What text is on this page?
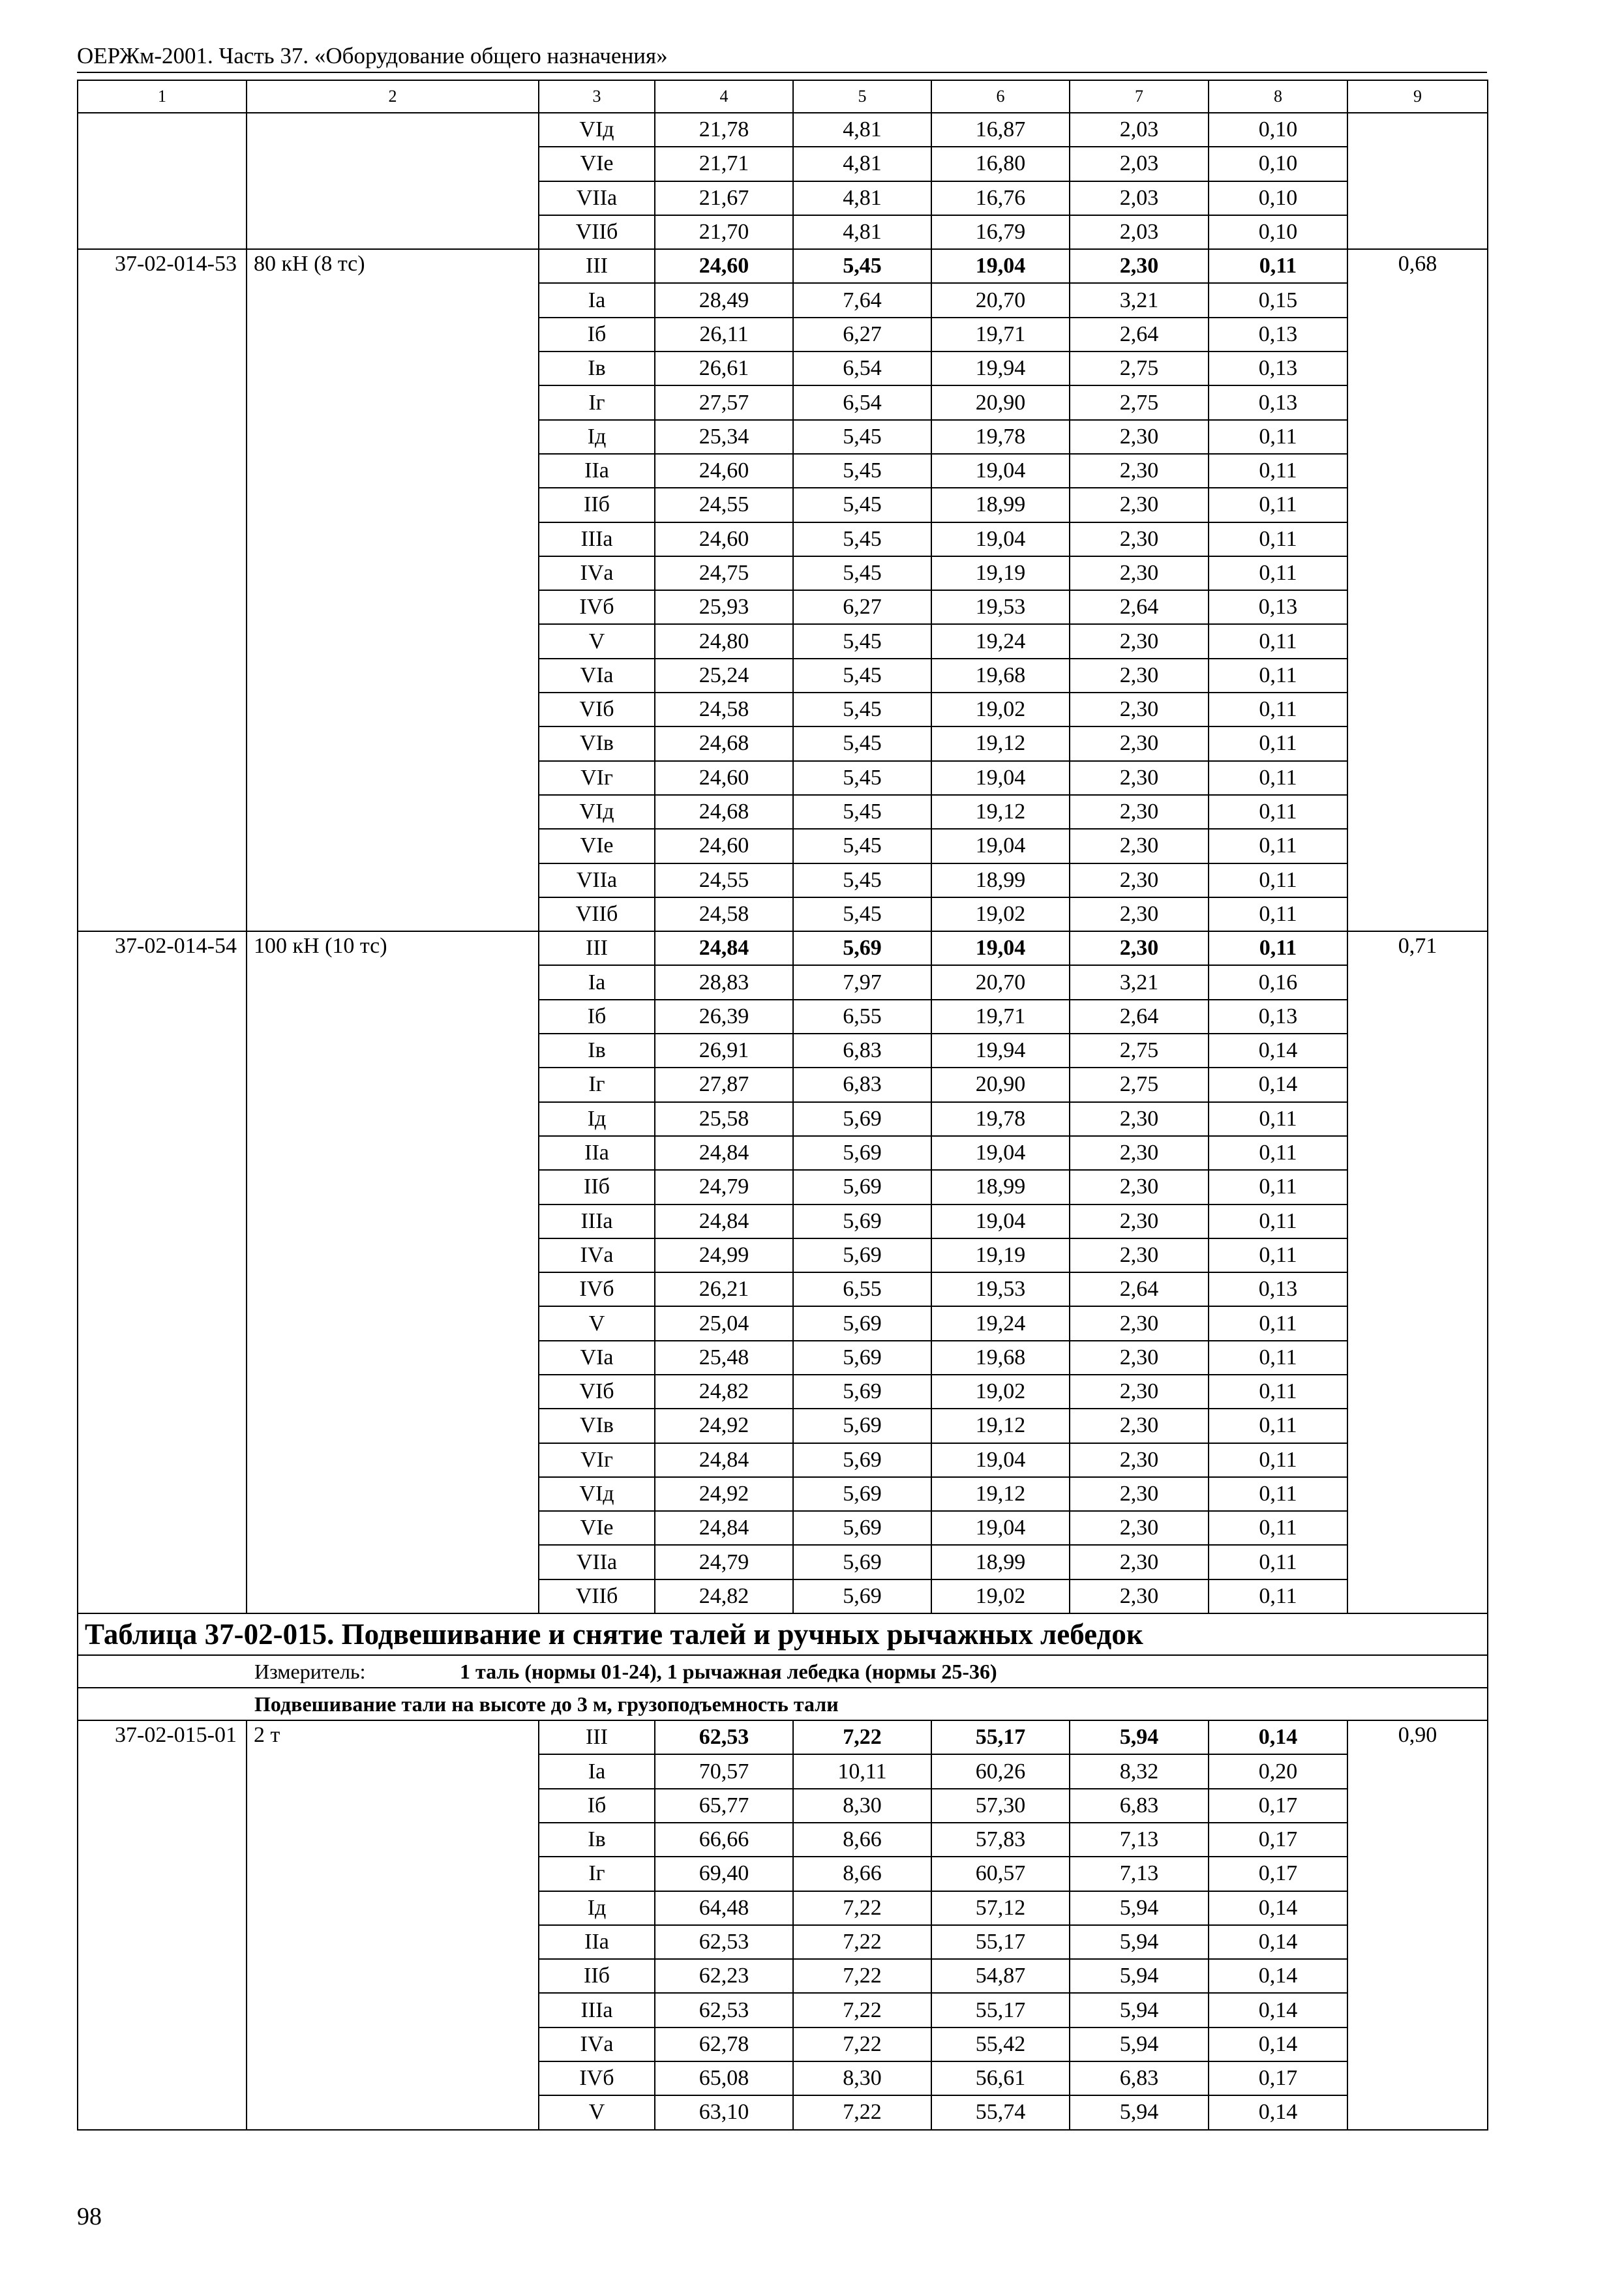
ОЕРЖм-2001. Часть 37. «Оборудование общего назначения»
1	2	3	4	5	6	7	8	9
		VIд	21,78	4,81	16,87	2,03	0,10	
		VIе	21,71	4,81	16,80	2,03	0,10	
		VIIа	21,67	4,81	16,76	2,03	0,10	
		VIIб	21,70	4,81	16,79	2,03	0,10	
37-02-014-53	80 кН (8 тс)	III	24,60	5,45	19,04	2,30	0,11	0,68
		Iа	28,49	7,64	20,70	3,21	0,15	
		Iб	26,11	6,27	19,71	2,64	0,13	
		Iв	26,61	6,54	19,94	2,75	0,13	
		Iг	27,57	6,54	20,90	2,75	0,13	
		Iд	25,34	5,45	19,78	2,30	0,11	
		IIа	24,60	5,45	19,04	2,30	0,11	
		IIб	24,55	5,45	18,99	2,30	0,11	
		IIIа	24,60	5,45	19,04	2,30	0,11	
		IVа	24,75	5,45	19,19	2,30	0,11	
		IVб	25,93	6,27	19,53	2,64	0,13	
		V	24,80	5,45	19,24	2,30	0,11	
		VIа	25,24	5,45	19,68	2,30	0,11	
		VIб	24,58	5,45	19,02	2,30	0,11	
		VIв	24,68	5,45	19,12	2,30	0,11	
		VIг	24,60	5,45	19,04	2,30	0,11	
		VIд	24,68	5,45	19,12	2,30	0,11	
		VIе	24,60	5,45	19,04	2,30	0,11	
		VIIа	24,55	5,45	18,99	2,30	0,11	
		VIIб	24,58	5,45	19,02	2,30	0,11	
37-02-014-54	100 кН (10 тс)	III	24,84	5,69	19,04	2,30	0,11	0,71
		Iа	28,83	7,97	20,70	3,21	0,16	
		Iб	26,39	6,55	19,71	2,64	0,13	
		Iв	26,91	6,83	19,94	2,75	0,14	
		Iг	27,87	6,83	20,90	2,75	0,14	
		Iд	25,58	5,69	19,78	2,30	0,11	
		IIа	24,84	5,69	19,04	2,30	0,11	
		IIб	24,79	5,69	18,99	2,30	0,11	
		IIIа	24,84	5,69	19,04	2,30	0,11	
		IVа	24,99	5,69	19,19	2,30	0,11	
		IVб	26,21	6,55	19,53	2,64	0,13	
		V	25,04	5,69	19,24	2,30	0,11	
		VIа	25,48	5,69	19,68	2,30	0,11	
		VIб	24,82	5,69	19,02	2,30	0,11	
		VIв	24,92	5,69	19,12	2,30	0,11	
		VIг	24,84	5,69	19,04	2,30	0,11	
		VIд	24,92	5,69	19,12	2,30	0,11	
		VIе	24,84	5,69	19,04	2,30	0,11	
		VIIа	24,79	5,69	18,99	2,30	0,11	
		VIIб	24,82	5,69	19,02	2,30	0,11	
Таблица 37-02-015. Подвешивание и снятие талей и ручных рычажных лебедок								
Измеритель: 1 таль (нормы 01-24), 1 рычажная лебедка (нормы 25-36)								
Подвешивание тали на высоте до 3 м, грузоподъемность тали								
37-02-015-01	2 т	III	62,53	7,22	55,17	5,94	0,14	0,90
		Iа	70,57	10,11	60,26	8,32	0,20	
		Iб	65,77	8,30	57,30	6,83	0,17	
		Iв	66,66	8,66	57,83	7,13	0,17	
		Iг	69,40	8,66	60,57	7,13	0,17	
		Iд	64,48	7,22	57,12	5,94	0,14	
		IIа	62,53	7,22	55,17	5,94	0,14	
		IIб	62,23	7,22	54,87	5,94	0,14	
		IIIа	62,53	7,22	55,17	5,94	0,14	
		IVа	62,78	7,22	55,42	5,94	0,14	
		IVб	65,08	8,30	56,61	6,83	0,17	
		V	63,10	7,22	55,74	5,94	0,14	
98
